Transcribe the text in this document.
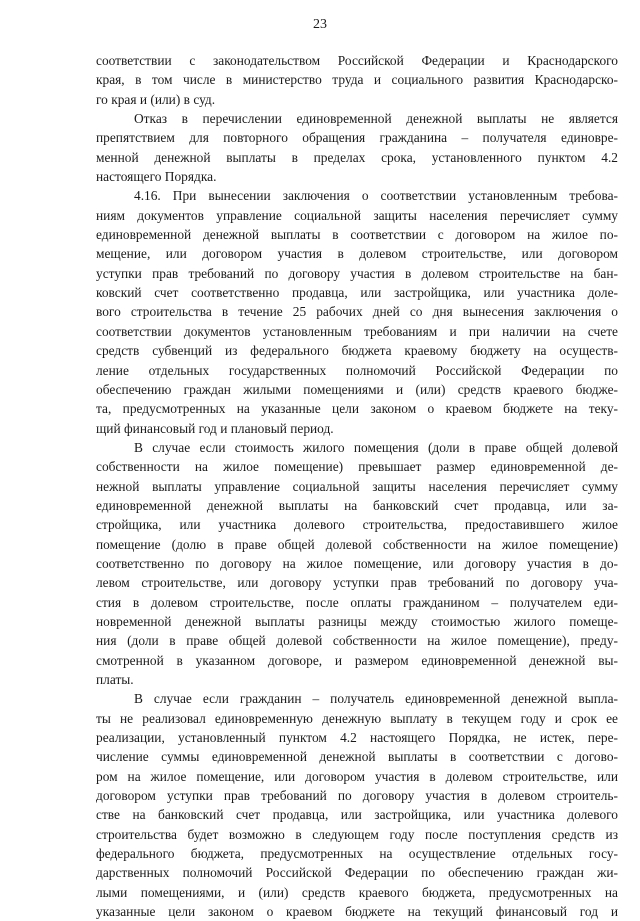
23
соответствии с законодательством Российской Федерации и Краснодарского
края, в том числе в министерство труда и социального развития Краснодарско-
го края и (или) в суд.
Отказ в перечислении единовременной денежной выплаты не является
препятствием для повторного обращения гражданина – получателя единовре-
менной денежной выплаты в пределах срока, установленного пунктом 4.2
настоящего Порядка.
4.16. При вынесении заключения о соответствии установленным требова-
ниям документов управление социальной защиты населения перечисляет сумму
единовременной денежной выплаты в соответствии с договором на жилое по-
мещение, или договором участия в долевом строительстве, или договором
уступки прав требований по договору участия в долевом строительстве на бан-
ковский счет соответственно продавца, или застройщика, или участника доле-
вого строительства в течение 25 рабочих дней со дня вынесения заключения о
соответствии документов установленным требованиям и при наличии на счете
средств субвенций из федерального бюджета краевому бюджету на осуществ-
ление отдельных государственных полномочий Российской Федерации по
обеспечению граждан жилыми помещениями и (или) средств краевого бюдже-
та, предусмотренных на указанные цели законом о краевом бюджете на теку-
щий финансовый год и плановый период.
В случае если стоимость жилого помещения (доли в праве общей долевой
собственности на жилое помещение) превышает размер единовременной де-
нежной выплаты управление социальной защиты населения перечисляет сумму
единовременной денежной выплаты на банковский счет продавца, или за-
стройщика, или участника долевого строительства, предоставившего жилое
помещение (долю в праве общей долевой собственности на жилое помещение)
соответственно по договору на жилое помещение, или договору участия в до-
левом строительстве, или договору уступки прав требований по договору уча-
стия в долевом строительстве, после оплаты гражданином – получателем еди-
новременной денежной выплаты разницы между стоимостью жилого помеще-
ния (доли в праве общей долевой собственности на жилое помещение), преду-
смотренной в указанном договоре, и размером единовременной денежной вы-
платы.
В случае если гражданин – получатель единовременной денежной выпла-
ты не реализовал единовременную денежную выплату в текущем году и срок ее
реализации, установленный пунктом 4.2 настоящего Порядка, не истек, пере-
числение суммы единовременной денежной выплаты в соответствии с догово-
ром на жилое помещение, или договором участия в долевом строительстве, или
договором уступки прав требований по договору участия в долевом строитель-
стве на банковский счет продавца, или застройщика, или участника долевого
строительства будет возможно в следующем году после поступления средств из
федерального бюджета, предусмотренных на осуществление отдельных госу-
дарственных полномочий Российской Федерации по обеспечению граждан жи-
лыми помещениями, и (или) средств краевого бюджета, предусмотренных на
указанные цели законом о краевом бюджете на текущий финансовый год и
